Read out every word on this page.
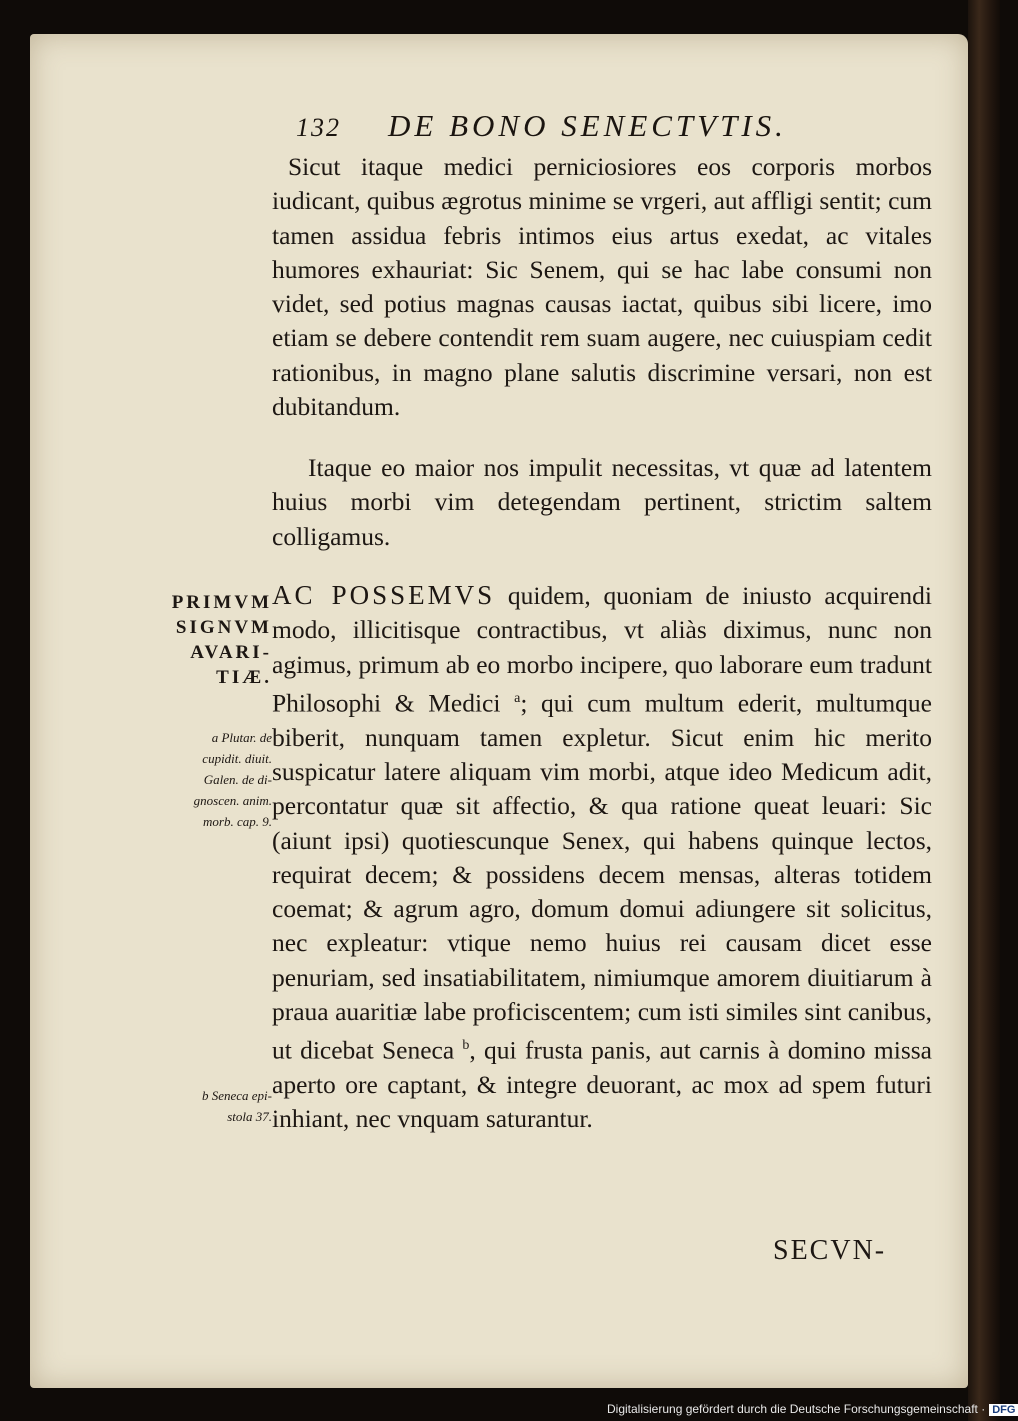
132 DE BONO SENECTVTIS.

Sicut itaque medici perniciosiores eos corporis morbos iudicant, quibus ægrotus minime se vrgeri, aut affligi sentit; cum tamen assidua febris intimos eius artus exedat, ac vitales humores exhauriat: Sic Senem, qui se hac labe consumi non videt, sed potius magnas causas iactat, quibus sibi licere, imo etiam se debere contendit rem suam augere, nec cuiuspiam cedit rationibus, in magno plane salutis discrimine versari, non est dubitandum.

Itaque eo maior nos impulit necessitas, vt quæ ad latentem huius morbi vim detegendam pertinent, strictim saltem colligamus.

AC POSSEMVS quidem, quoniam de iniusto acquirendi modo, illicitisque contractibus, vt aliàs diximus, nunc non agimus, primum ab eo morbo incipere, quo laborare eum tradunt Philosophi & Medici $^a$; qui cum multum ederit, multumque biberit, nunquam tamen expletur. Sicut enim hic merito suspicatur latere aliquam vim morbi, atque ideo Medicum adit, percontatur quæ sit affectio, & qua ratione queat leuari: Sic (aiunt ipsi) quotiescunque Senex, qui habens quinque lectos, requirat decem; & possidens decem mensas, alteras totidem coemat; & agrum agro, domum domui adiungere sit solicitus, nec expleatur: vtique nemo huius rei causam dicet esse penuriam, sed insatiabilitatem, nimiumque amorem diuitiarum à praua auaritiæ labe proficiscentem; cum isti similes sint canibus, ut dicebat Seneca $^b$, qui frusta panis, aut carnis à domino missa aperto ore captant, & integre deuorant, ac mox ad spem futuri inhiant, nec vnquam saturantur.

PRIMVM
SIGNVM
AVARI-
TIÆ.
a Plutar. de
cupidit. diuit.
Galen. de di-
gnoscen. anim.
morb. cap. 9.
b Seneca epi-
stola 37.
SECVN-
Digitalisierung gefördert durch die Deutsche Forschungsgemeinschaft · DFG
